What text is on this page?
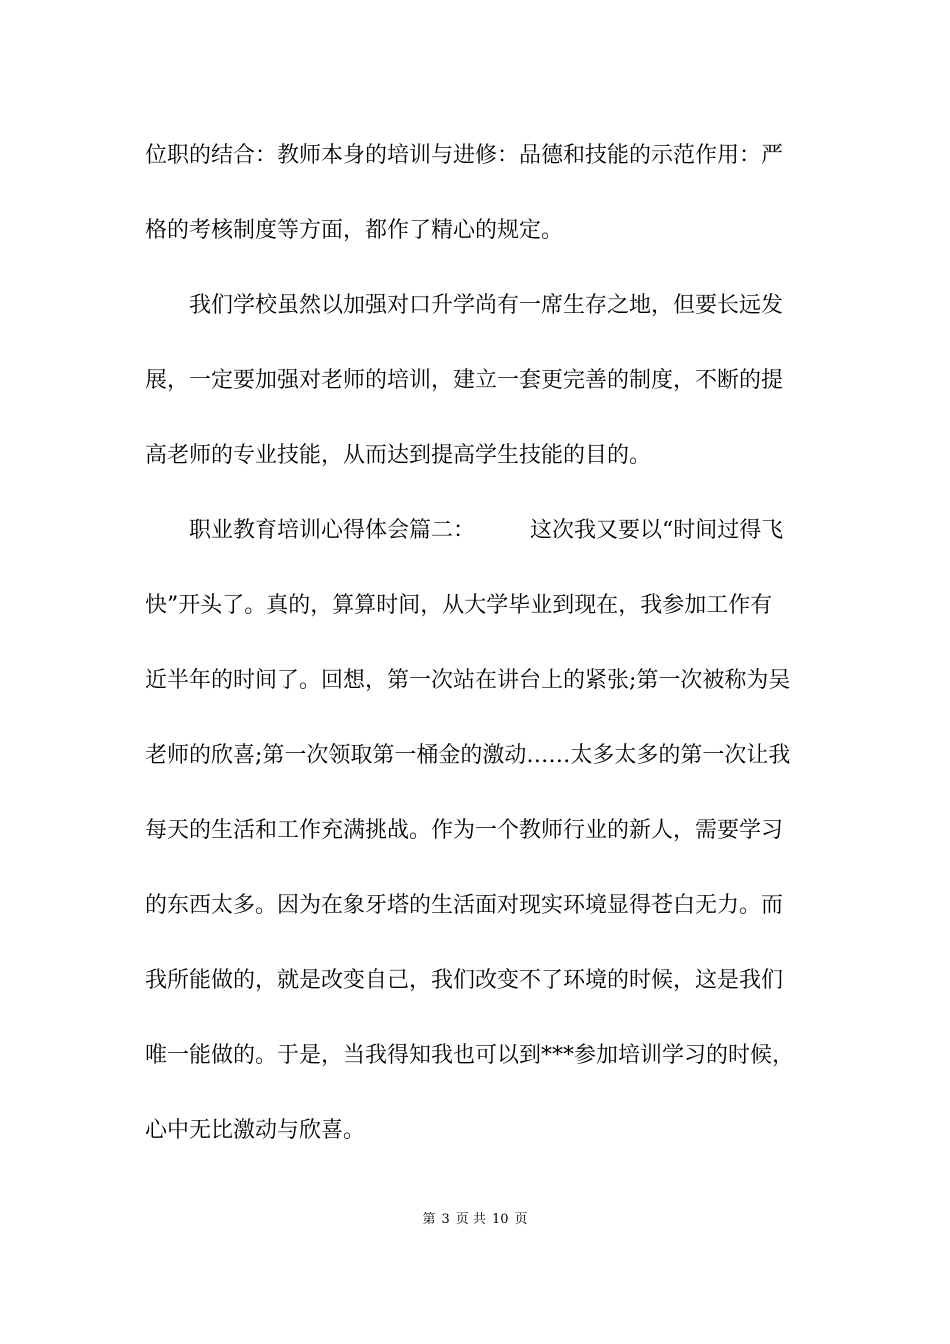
位职的结合：教师本身的培训与进修：品德和技能的示范作用：严
格的考核制度等方面，都作了精心的规定。
我们学校虽然以加强对口升学尚有一席生存之地，但要长远发
展，一定要加强对老师的培训，建立一套更完善的制度，不断的提
高老师的专业技能，从而达到提高学生技能的目的。
职业教育培训心得体会篇二：　　　这次我又要以“时间过得飞
快”开头了。真的，算算时间，从大学毕业到现在，我参加工作有
近半年的时间了。回想，第一次站在讲台上的紧张;第一次被称为吴
老师的欣喜;第一次领取第一桶金的激动……太多太多的第一次让我
每天的生活和工作充满挑战。作为一个教师行业的新人，需要学习
的东西太多。因为在象牙塔的生活面对现实环境显得苍白无力。而
我所能做的，就是改变自己，我们改变不了环境的时候，这是我们
唯一能做的。于是，当我得知我也可以到***参加培训学习的时候，
心中无比激动与欣喜。
第 3 页 共 10 页
